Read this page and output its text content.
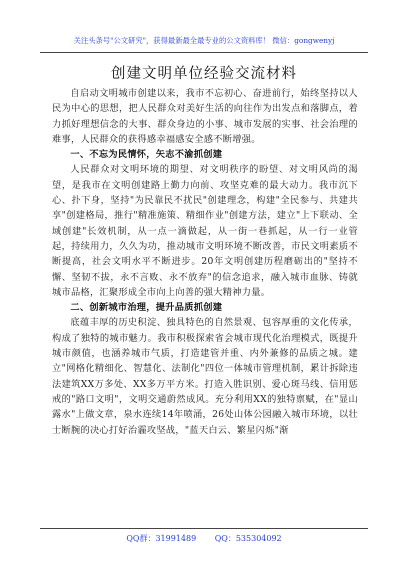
关注头条号"公文研究"，获得最新最全最专业的公文资料库！ 微信：gongwenyj
创建文明单位经验交流材料

自启动文明城市创建以来，我市不忘初心、奋进前行，始终坚持以人民为中心的思想，把人民群众对美好生活的向往作为出发点和落脚点，着力抓好理想信念的大事、群众身边的小事、城市发展的实事、社会治理的难事，人民群众的获得感幸福感安全感不断增强。

一、不忘为民情怀，矢志不渝抓创建

人民群众对文明环境的期望、对文明秩序的盼望、对文明风尚的渴望，是我市在文明创建路上勤力向前、攻坚克难的最大动力。我市沉下心、扑下身，坚持"为民靠民不扰民"创建理念，构建"全民参与、共建共享"创建格局，推行"精准施策、精细作业"创建方法，建立"上下联动、全域创建"长效机制，从一点一滴做起，从一街一巷抓起，从一行一业管起，持续用力，久久为功，推动城市文明环境不断改善，市民文明素质不断提高，社会文明水平不断进步。20年文明创建历程磨砺出的"坚持不懈、坚韧不拔，永不言败、永不放弃"的信念追求，融入城市血脉、铸就城市品格，汇聚形成全市向上向善的强大精神力量。

二、创新城市治理，提升品质抓创建

底蕴丰厚的历史积淀、独具特色的自然景观、包容厚重的文化传承，构成了独特的城市魅力。我市积极探索省会城市现代化治理模式，既提升城市颜值，也涵养城市气质，打造建管并重、内外兼修的品质之城。建立"网格化精细化、智慧化、法制化"四位一体城市管理机制，累计拆除违法建筑XX万多处、XX多万平方米。打造入胜识别、爱心斑马线、信用惩戒的"路口文明"，文明交通蔚然成风。充分利用XX的独特禀赋，在"显山露水"上做文章，泉水连续14年喷涌，26处山体公园融入城市环境，以壮士断腕的决心打好治霾攻坚战，"蓝天白云、繁星闪烁"渐

QQ群：31991489 QQ：535304092
